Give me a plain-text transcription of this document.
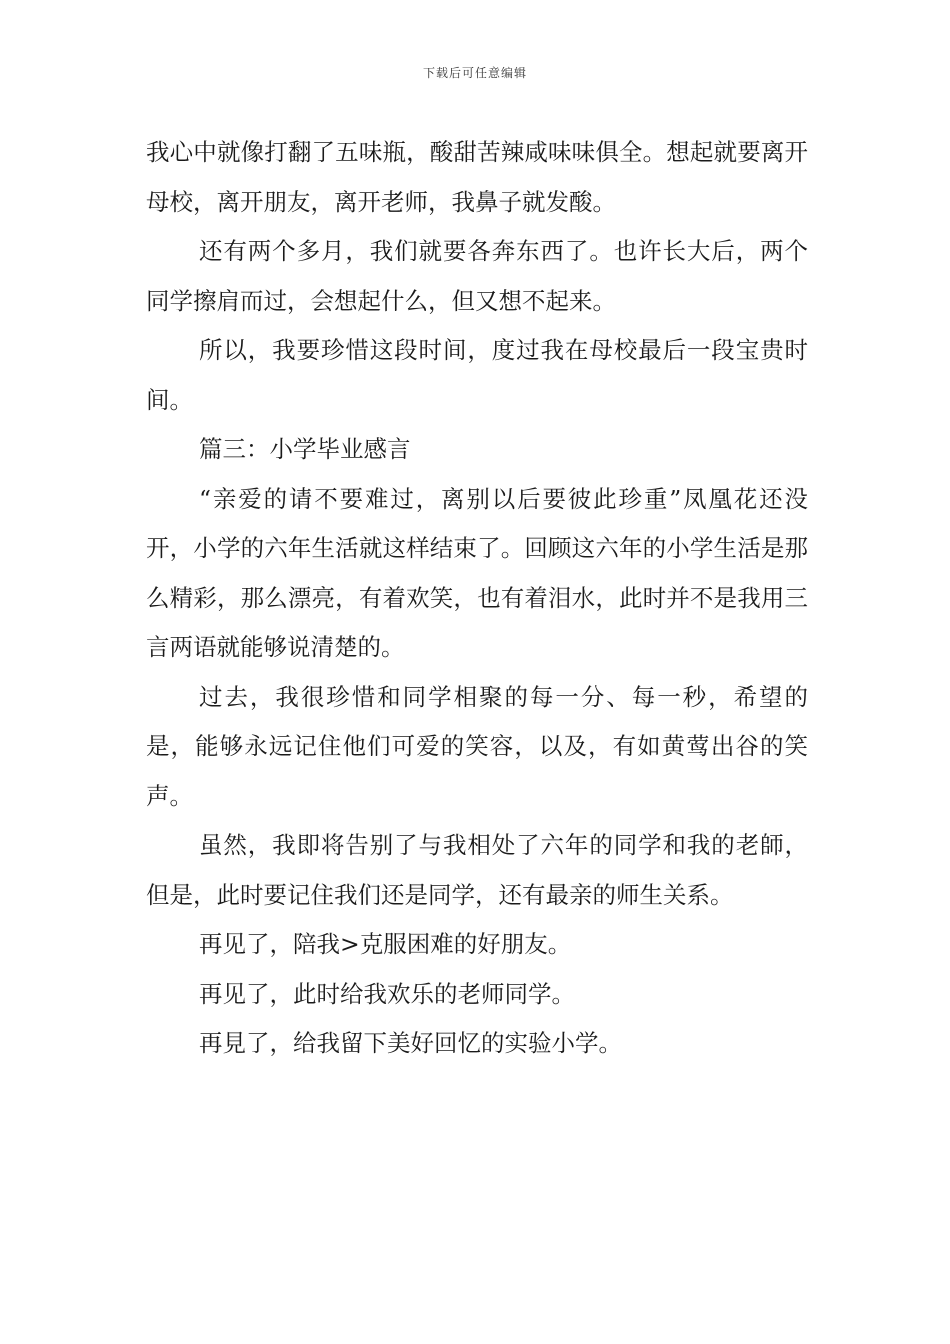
下载后可任意编辑

我心中就像打翻了五味瓶，酸甜苦辣咸味味俱全。想起就要离开母校，离开朋友，离开老师，我鼻子就发酸。

还有两个多月，我们就要各奔东西了。也许长大后，两个同学擦肩而过，会想起什么，但又想不起来。

所以，我要珍惜这段时间，度过我在母校最后一段宝贵时间。

篇三：小学毕业感言

“亲爱的请不要难过，离别以后要彼此珍重”凤凰花还没开，小学的六年生活就这样结束了。回顾这六年的小学生活是那么精彩，那么漂亮，有着欢笑，也有着泪水，此时并不是我用三言两语就能够说清楚的。

过去，我很珍惜和同学相聚的每一分、每一秒，希望的是，能够永远记住他们可爱的笑容，以及，有如黄莺出谷的笑声。

虽然，我即将告别了与我相处了六年的同学和我的老師，但是，此时要记住我们还是同学，还有最亲的师生关系。

再见了，陪我>克服困难的好朋友。

再见了，此时给我欢乐的老师同学。

再見了，给我留下美好回忆的实验小学。
